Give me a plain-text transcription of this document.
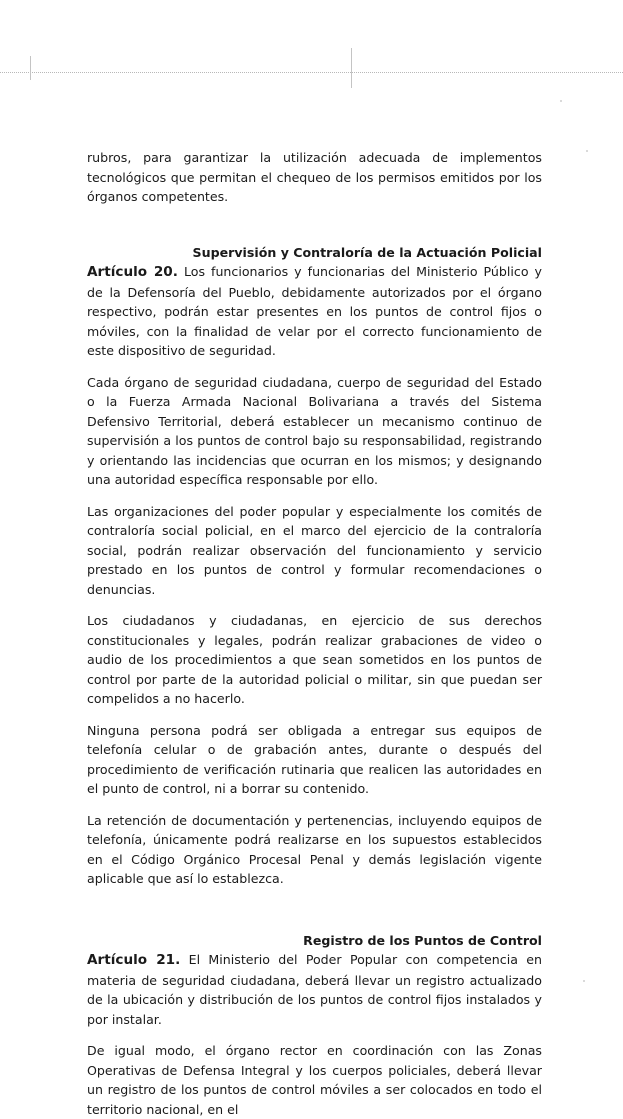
rubros, para garantizar la utilización adecuada de implementos tecnológicos que permitan el chequeo de los permisos emitidos por los órganos competentes.

Supervisión y Contraloría de la Actuación Policial

Artículo 20. Los funcionarios y funcionarias del Ministerio Público y de la Defensoría del Pueblo, debidamente autorizados por el órgano respectivo, podrán estar presentes en los puntos de control fijos o móviles, con la finalidad de velar por el correcto funcionamiento de este dispositivo de seguridad.

Cada órgano de seguridad ciudadana, cuerpo de seguridad del Estado o la Fuerza Armada Nacional Bolivariana a través del Sistema Defensivo Territorial, deberá establecer un mecanismo continuo de supervisión a los puntos de control bajo su responsabilidad, registrando y orientando las incidencias que ocurran en los mismos; y designando una autoridad específica responsable por ello.

Las organizaciones del poder popular y especialmente los comités de contraloría social policial, en el marco del ejercicio de la contraloría social, podrán realizar observación del funcionamiento y servicio prestado en los puntos de control y formular recomendaciones o denuncias.

Los ciudadanos y ciudadanas, en ejercicio de sus derechos constitucionales y legales, podrán realizar grabaciones de video o audio de los procedimientos a que sean sometidos en los puntos de control por parte de la autoridad policial o militar, sin que puedan ser compelidos a no hacerlo.

Ninguna persona podrá ser obligada a entregar sus equipos de telefonía celular o de grabación antes, durante o después del procedimiento de verificación rutinaria que realicen las autoridades en el punto de control, ni a borrar su contenido.

La retención de documentación y pertenencias, incluyendo equipos de telefonía, únicamente podrá realizarse en los supuestos establecidos en el Código Orgánico Procesal Penal y demás legislación vigente aplicable que así lo establezca.

Registro de los Puntos de Control

Artículo 21. El Ministerio del Poder Popular con competencia en materia de seguridad ciudadana, deberá llevar un registro actualizado de la ubicación y distribución de los puntos de control fijos instalados y por instalar.

De igual modo, el órgano rector en coordinación con las Zonas Operativas de Defensa Integral y los cuerpos policiales, deberá llevar un registro de los puntos de control móviles a ser colocados en todo el territorio nacional, en el
